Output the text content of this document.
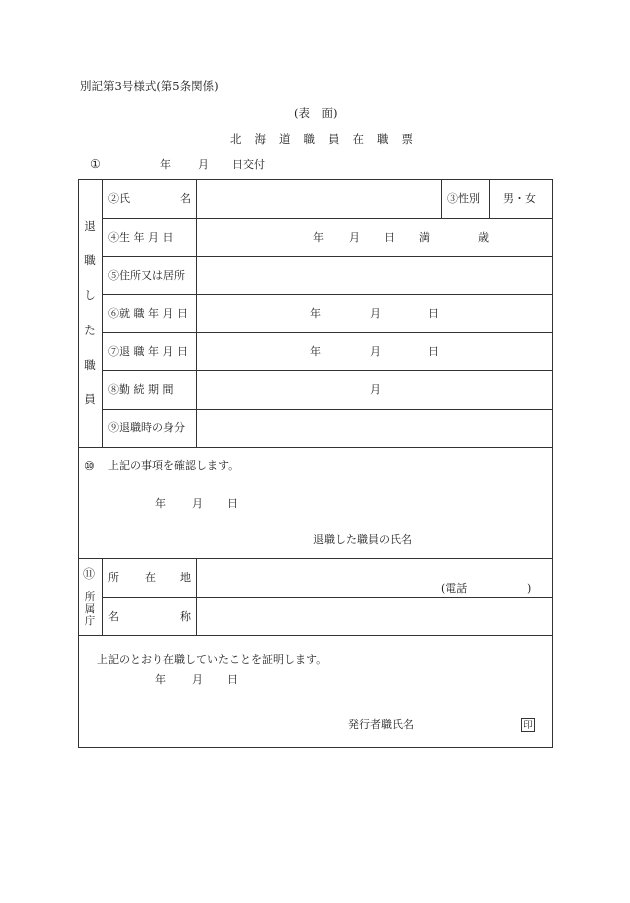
別記第3号様式(第5条関係)
(表　面)
北海道職員在職票
①	年 月 日交付
退
職
し
た
職
員
②氏	名	③性別 男・女
④生 年 月 日	年 月 日 満	歳
⑤住所又は居所
⑥就 職 年 月 日	年	月	日
⑦退 職 年 月 日	年	月	日
⑧勤 続 期 間	月
⑨退職時の身分
⑩ 上記の事項を確認します。
年 月 日
退職した職員の氏名
⑪
所
属
庁
所 在 地
(電話	)
名	称
上記のとおり在職していたことを証明します。
年 月 日
発行者職氏名	印
